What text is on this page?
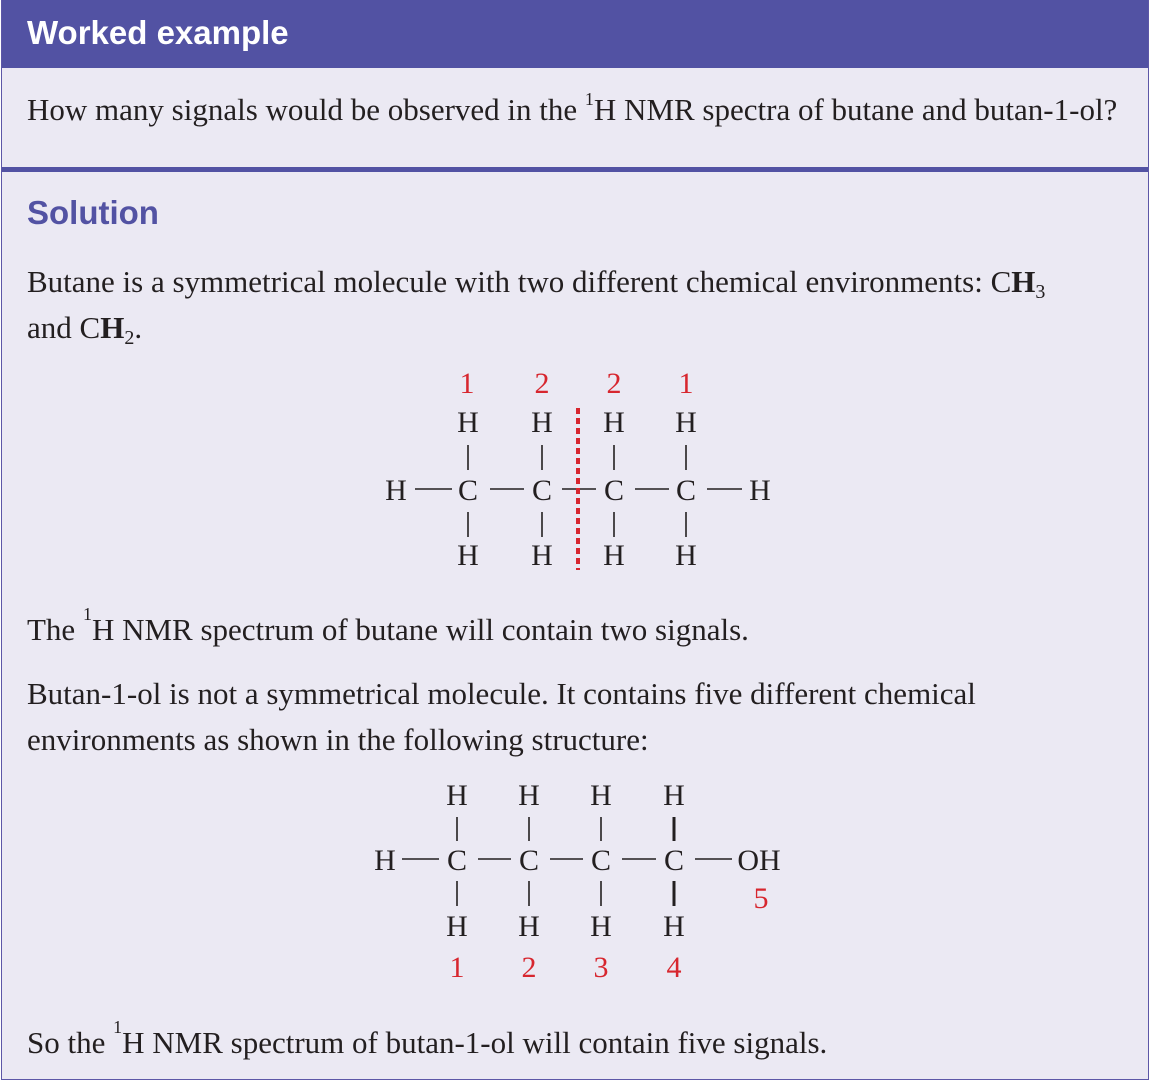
Worked example
How many signals would be observed in the $^1$H NMR spectra of butane and butan-1-ol?
Solution
Butane is a symmetrical molecule with two different chemical environments: $CH_3$
and $CH_2$.
1 2 2 1
H H H H
H C C C C H
H H H H
The $^1$H NMR spectrum of butane will contain two signals.
Butan-1-ol is not a symmetrical molecule. It contains five different chemical
environments as shown in the following structure:
H H H H
H C C C C OH
5
H H H H
1 2 3 4
So the $^1$H NMR spectrum of butan-1-ol will contain five signals.
